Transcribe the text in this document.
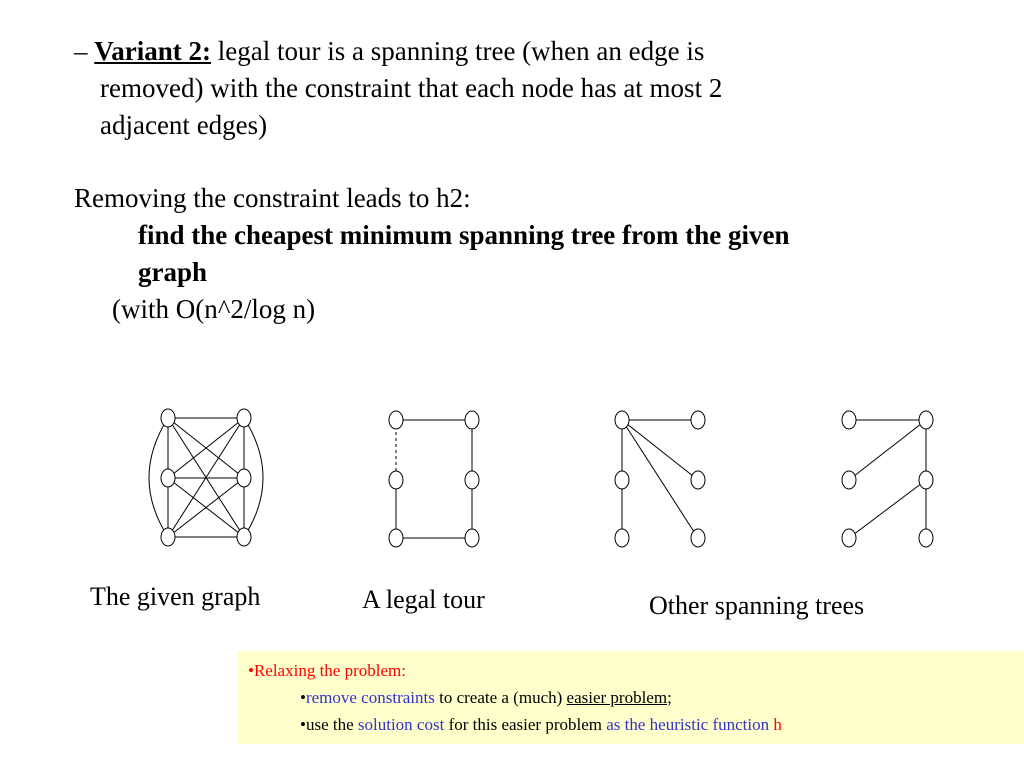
– Variant 2: legal tour is a spanning tree (when an edge is
removed) with the constraint that each node has at most 2
adjacent edges)
Removing the constraint leads to h2:
find the cheapest minimum spanning tree from the given
graph
(with O(n^2/log n)
The given graph	A legal tour	Other spanning trees
•Relaxing the problem:
•remove constraints to create a (much) easier problem;
•use the solution cost for this easier problem as the heuristic function h
